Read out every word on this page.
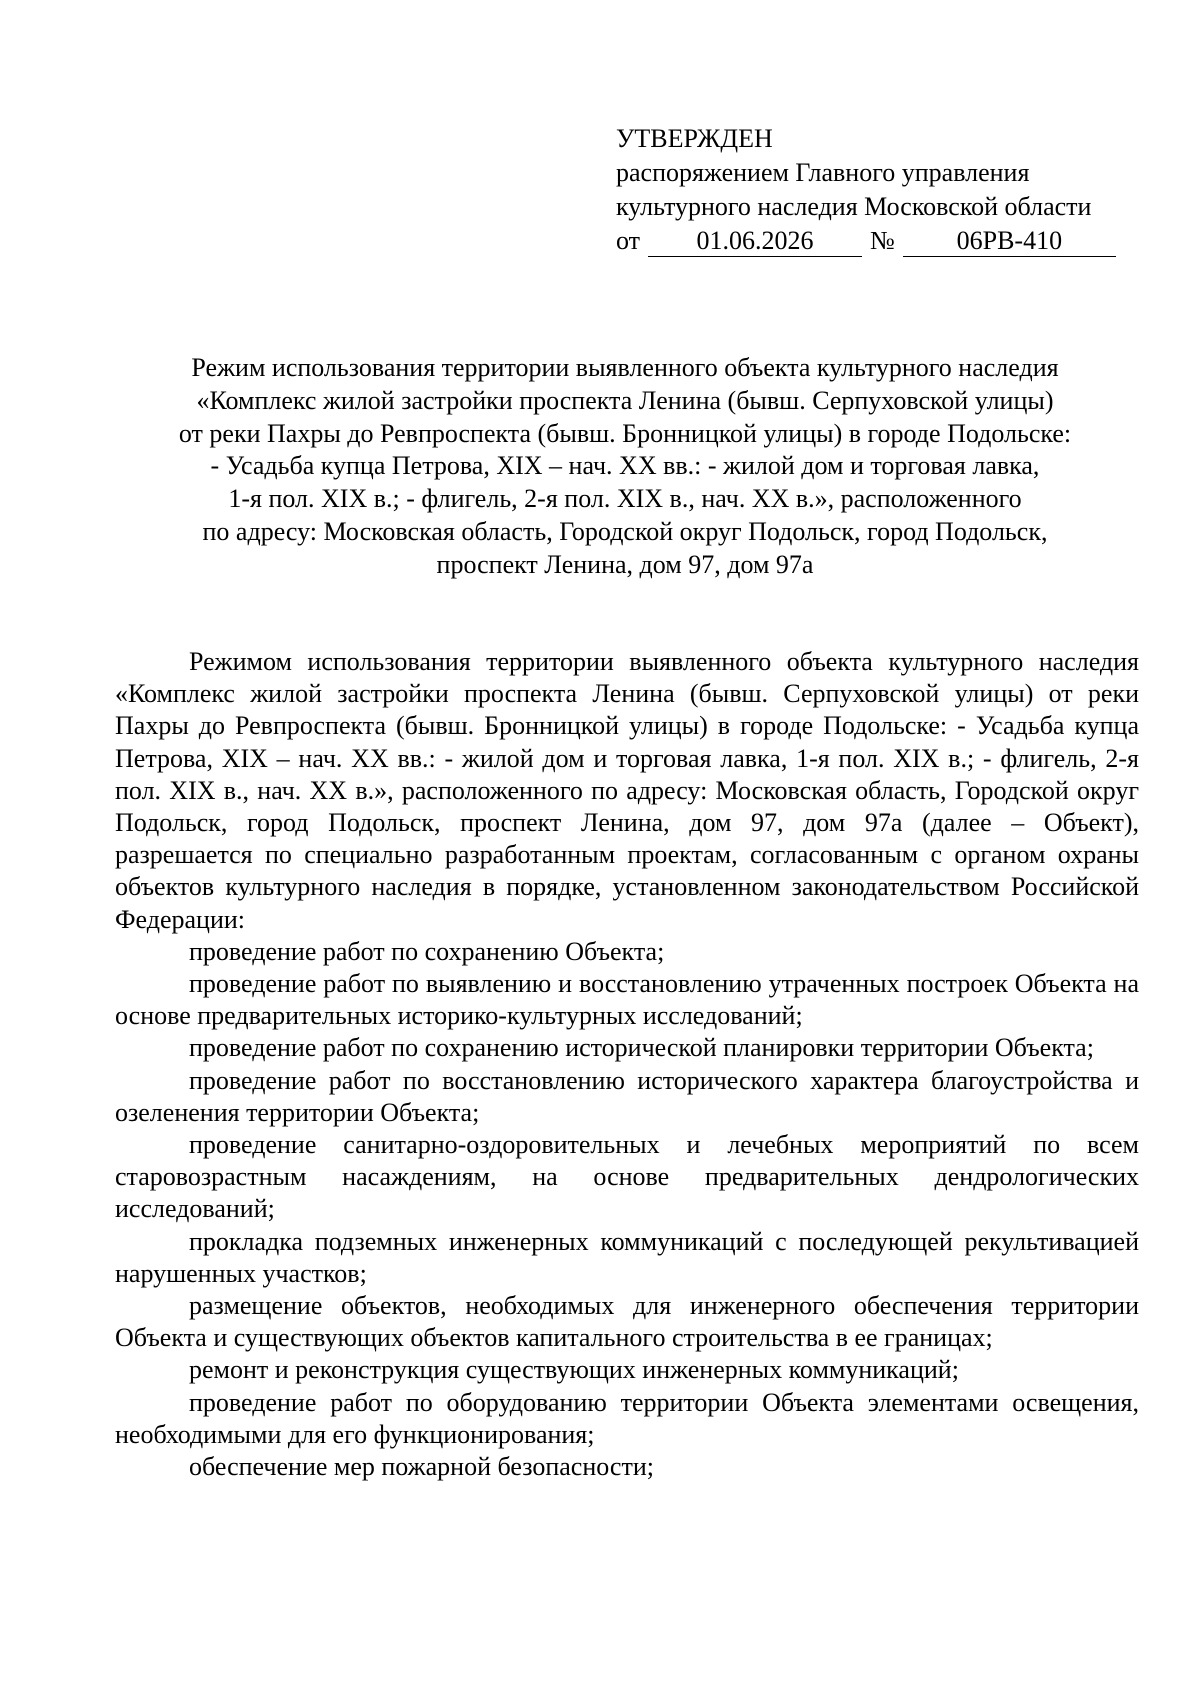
УТВЕРЖДЕН
распоряжением Главного управления
культурного наследия Московской области
от	01.06.2026	№	06РВ-410
Режим использования территории выявленного объекта культурного наследия
«Комплекс жилой застройки проспекта Ленина (бывш. Серпуховской улицы)
от реки Пахры до Ревпроспекта (бывш. Бронницкой улицы) в городе Подольске:
- Усадьба купца Петрова, XIX – нач. XX вв.: - жилой дом и торговая лавка,
1-я пол. XIX в.; - флигель, 2-я пол. XIX в., нач. XX в.», расположенного
по адресу: Московская область, Городской округ Подольск, город Подольск,
проспект Ленина, дом 97, дом 97а

Режимом использования территории выявленного объекта культурного наследия «Комплекс жилой застройки проспекта Ленина (бывш. Серпуховской улицы) от реки Пахры до Ревпроспекта (бывш. Бронницкой улицы) в городе Подольске: - Усадьба купца Петрова, XIX – нач. XX вв.: - жилой дом и торговая лавка, 1-я пол. XIX в.; - флигель, 2-я пол. XIX в., нач. XX в.», расположенного по адресу: Московская область, Городской округ Подольск, город Подольск, проспект Ленина, дом 97, дом 97а (далее – Объект), разрешается по специально разработанным проектам, согласованным с органом охраны объектов культурного наследия в порядке, установленном законодательством Российской Федерации:

проведение работ по сохранению Объекта;

проведение работ по выявлению и восстановлению утраченных построек Объекта на основе предварительных историко-культурных исследований;

проведение работ по сохранению исторической планировки территории Объекта;

проведение работ по восстановлению исторического характера благоустройства и озеленения территории Объекта;

проведение санитарно-оздоровительных и лечебных мероприятий по всем старовозрастным насаждениям, на основе предварительных дендрологических исследований;

прокладка подземных инженерных коммуникаций с последующей рекультивацией нарушенных участков;

размещение объектов, необходимых для инженерного обеспечения территории Объекта и существующих объектов капитального строительства в ее границах;

ремонт и реконструкция существующих инженерных коммуникаций;

проведение работ по оборудованию территории Объекта элементами освещения, необходимыми для его функционирования;

обеспечение мер пожарной безопасности;
